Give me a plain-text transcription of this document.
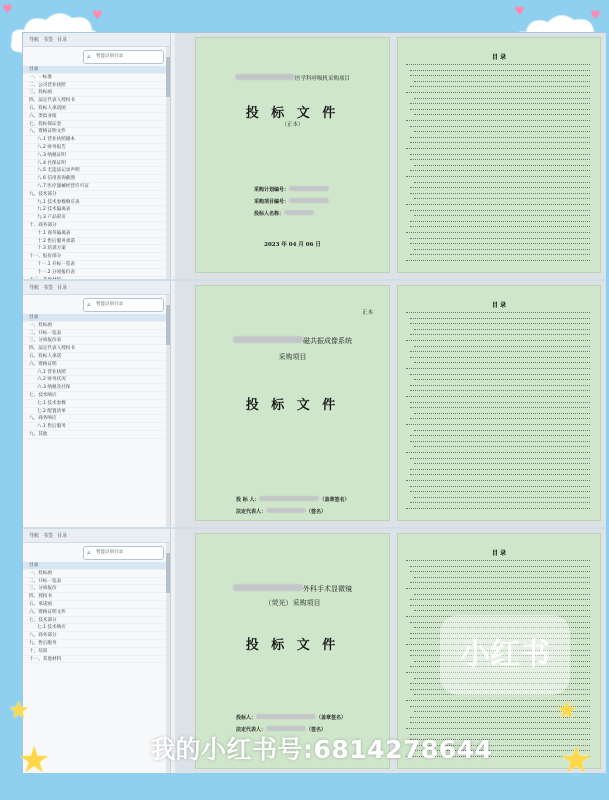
♥	♥	♥	♥
导航 书签 目录
⌕ 智能识别目录
目录
一、一标准
二、公司营业执照
三、投标函
四、法定代表人授权书
五、投标人承诺函
六、类似业绩
七、投标保证金
八、资格证明文件
八.1 营业执照副本
八.2 财务报告
八.3 纳税证明
八.4 社保证明
八.5 无违法记录声明
八.6 信用查询截图
八.7 医疗器械经营许可证
九、技术部分
九.1 技术参数响应表
九.2 技术偏离表
九.3 产品彩页
十、商务部分
十.1 商务偏离表
十.2 售后服务承诺
十.3 培训方案
十一、报价部分
十一.1 开标一览表
十一.2 分项报价表
医学科呼吸机采购项目
投 标 文 件
（正本）
采购计划编号：
采购项目编号：
投标人名称：
2023 年 04 月 06 日
目 录
导航 书签 目录
⌕ 智能识别目录
目录
一、投标函
二、开标一览表
三、分项报价表
四、法定代表人授权书
五、投标人承诺
六、资格证明
六.1 营业执照
六.2 财务状况
六.3 纳税及社保
七、技术响应
七.1 技术参数
七.2 配置清单
八、商务响应
八.1 售后服务
九、其他
正本
磁共振成像系统
采购项目
投 标 文 件
投 标 人：	（盖章签名）
法定代表人：	（签名）
目 录
导航 书签 目录
⌕ 智能识别目录
目录
一、投标函
二、开标一览表
三、分项报价
四、授权书
五、承诺函
六、资格证明文件
七、技术部分
七.1 技术响应
八、商务部分
九、售后服务
十、培训
十一、其他材料
外科手术显微镜
（荧光）采购项目
投 标 文 件
投标人：	（盖章签名）
法定代表人：	（签名）
目 录
小红书
我的小红书号:6814278644
★
★
★
★
